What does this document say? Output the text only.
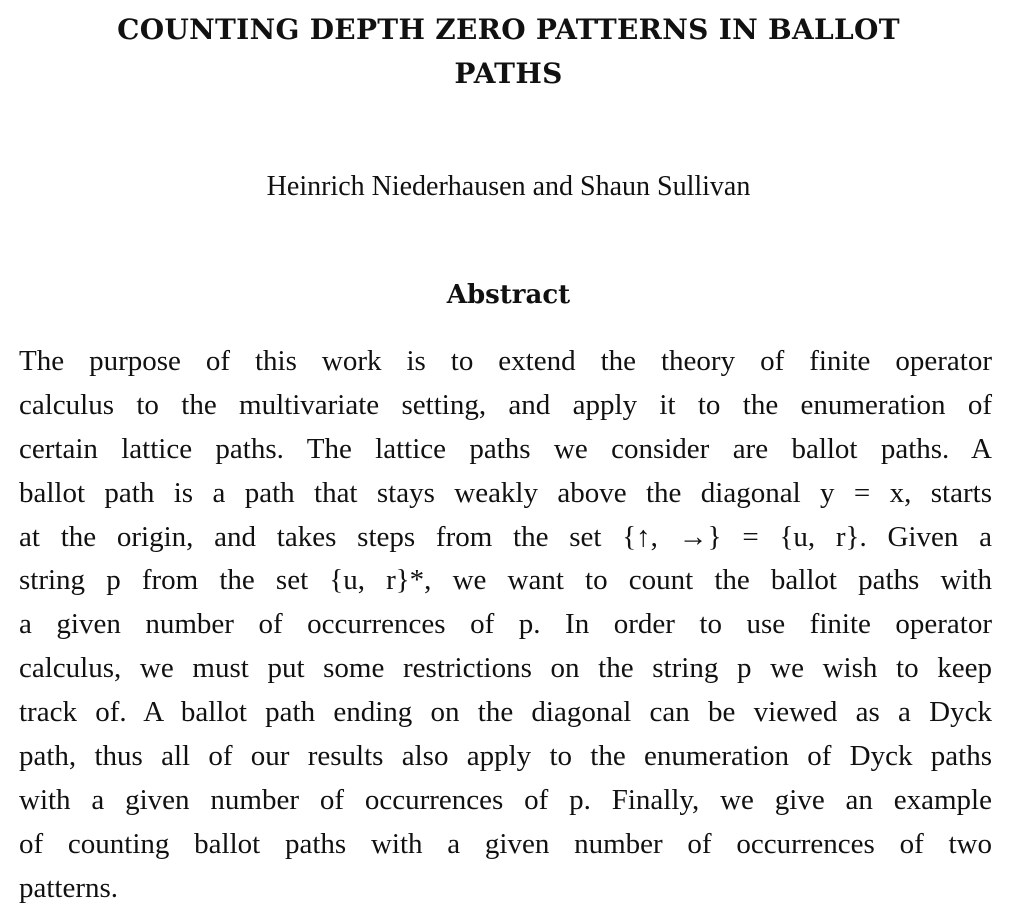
COUNTING DEPTH ZERO PATTERNS IN BALLOT
PATHS

Heinrich Niederhausen and Shaun Sullivan

Abstract
The purpose of this work is to extend the theory of finite operator
calculus to the multivariate setting, and apply it to the enumeration of
certain lattice paths. The lattice paths we consider are ballot paths. A
ballot path is a path that stays weakly above the diagonal y = x, starts
at the origin, and takes steps from the set {↑, →} = {u, r}. Given a
string p from the set {u, r}*, we want to count the ballot paths with
a given number of occurrences of p. In order to use finite operator
calculus, we must put some restrictions on the string p we wish to keep
track of. A ballot path ending on the diagonal can be viewed as a Dyck
path, thus all of our results also apply to the enumeration of Dyck paths
with a given number of occurrences of p. Finally, we give an example
of counting ballot paths with a given number of occurrences of two
patterns.
